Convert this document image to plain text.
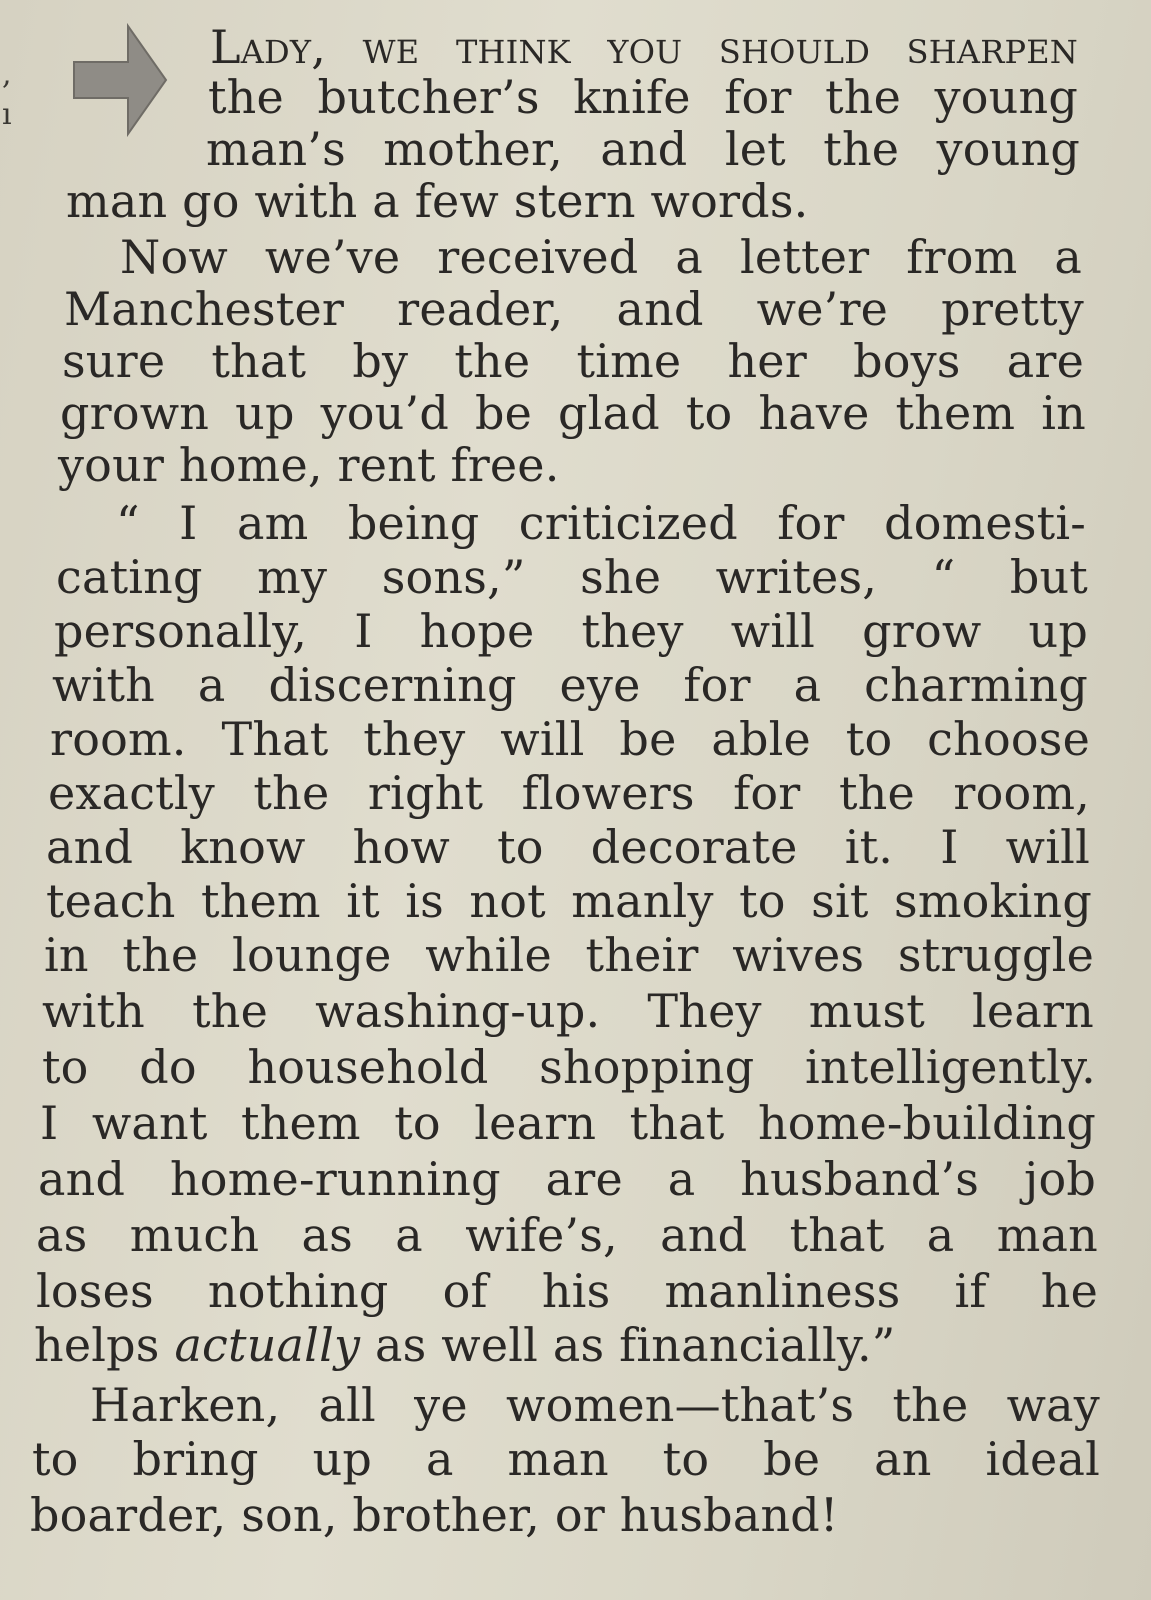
,
ı
Lady, we think you should sharpen
the butcher’s knife for the young
man’s mother, and let the young
man go with a few stern words.
Now we’ve received a letter from a
Manchester reader, and we’re pretty
sure that by the time her boys are
grown up you’d be glad to have them in
your home, rent free.
“ I am being criticized for domesti-
cating my sons,” she writes, “ but
personally, I hope they will grow up
with a discerning eye for a charming
room. That they will be able to choose
exactly the right flowers for the room,
and know how to decorate it. I will
teach them it is not manly to sit smoking
in the lounge while their wives struggle
with the washing-up. They must learn
to do household shopping intelligently.
I want them to learn that home-building
and home-running are a husband’s job
as much as a wife’s, and that a man
loses nothing of his manliness if he
helps actually as well as financially.”
Harken, all ye women—that’s the way
to bring up a man to be an ideal
boarder, son, brother, or husband!
